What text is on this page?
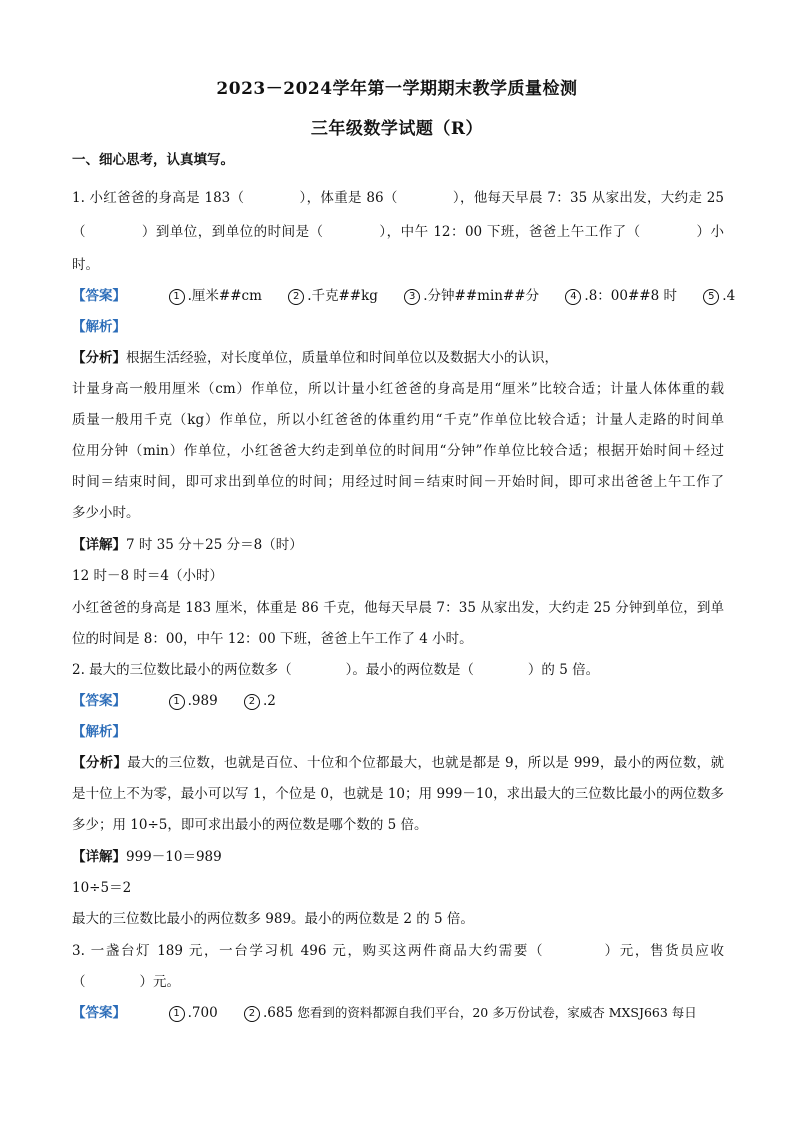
2023－2024学年第一学期期末教学质量检测
三年级数学试题（R）
一、细心思考，认真填写。
1. 小红爸爸的身高是 183（　　　　），体重是 86（　　　　），他每天早晨 7：35 从家出发，大约走 25
（　　　　）到单位，到单位的时间是（　　　　），中午 12：00 下班，爸爸上午工作了（　　　　）小
时。
【答案】	1 .厘米##cm	2 .千克##kg	3 .分钟##min##分	4 .8：00##8 时	5 .4
【解析】
【分析】根据生活经验，对长度单位，质量单位和时间单位以及数据大小的认识，
计量身高一般用厘米（cm）作单位，所以计量小红爸爸的身高是用“厘米”比较合适；计量人体体重的载
质量一般用千克（kg）作单位，所以小红爸爸的体重约用“千克”作单位比较合适；计量人走路的时间单
位用分钟（min）作单位，小红爸爸大约走到单位的时间用“分钟”作单位比较合适；根据开始时间＋经过
时间＝结束时间，即可求出到单位的时间；用经过时间＝结束时间－开始时间，即可求出爸爸上午工作了
多少小时。
【详解】7 时 35 分＋25 分＝8（时）
12 时－8 时＝4（小时）
小红爸爸的身高是 183 厘米，体重是 86 千克，他每天早晨 7：35 从家出发，大约走 25 分钟到单位，到单
位的时间是 8：00，中午 12：00 下班，爸爸上午工作了 4 小时。
2. 最大的三位数比最小的两位数多（　　　　）。最小的两位数是（　　　　）的 5 倍。
【答案】	1 .989	2 .2
【解析】
【分析】最大的三位数，也就是百位、十位和个位都最大，也就是都是 9，所以是 999，最小的两位数，就
是十位上不为零，最小可以写 1，个位是 0，也就是 10；用 999－10，求出最大的三位数比最小的两位数多
多少；用 10÷5，即可求出最小的两位数是哪个数的 5 倍。
【详解】999－10＝989
10÷5＝2
最大的三位数比最小的两位数多 989。最小的两位数是 2 的 5 倍。
3. 一盏台灯 189 元，一台学习机 496 元，购买这两件商品大约需要（　　　　）元，售货员应收
（　　　　）元。
【答案】	1 .700	2 .685 您看到的资料都源自我们平台，20 多万份试卷，家威杏 MXSJ663 每日
